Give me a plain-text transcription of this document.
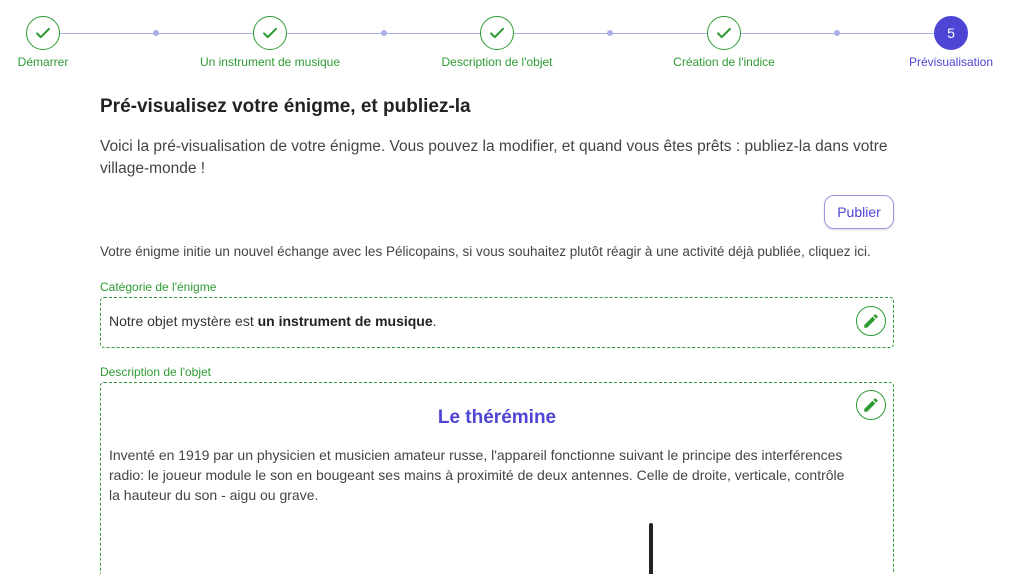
5
Démarrer	Un instrument de musique	Description de l'objet	Création de l'indice	Prévisualisation
Pré-visualisez votre énigme, et publiez-la

Voici la pré-visualisation de votre énigme. Vous pouvez la modifier, et quand vous êtes prêts : publiez-la dans votre village-monde !

Publier

Votre énigme initie un nouvel échange avec les Pélicopains, si vous souhaitez plutôt réagir à une activité déjà publiée, cliquez ici.

Catégorie de l'énigme
Notre objet mystère est un instrument de musique.
Description de l'objet
Le thérémine

Inventé en 1919 par un physicien et musicien amateur russe, l'appareil fonctionne suivant le principe des interférences radio: le joueur module le son en bougeant ses mains à proximité de deux antennes. Celle de droite, verticale, contrôle la hauteur du son - aigu ou grave.
